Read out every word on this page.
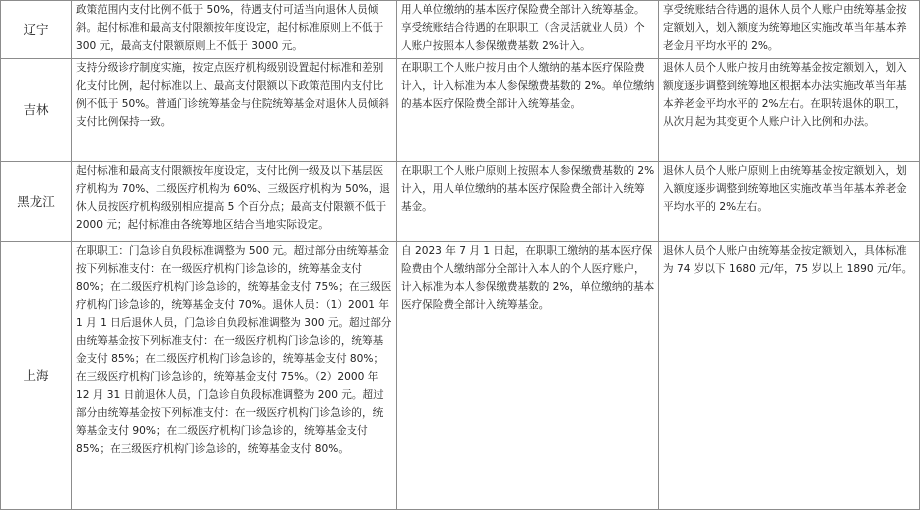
辽宁	政策范围内支付比例不低于 50%，待遇支付可适当向退休人员倾斜。起付标准和最高支付限额按年度设定，起付标准原则上不低于 300 元，最高支付限额原则上不低于 3000 元。	用人单位缴纳的基本医疗保险费全部计入统筹基金。享受统账结合待遇的在职职工（含灵活就业人员）个人账户按照本人参保缴费基数 2%计入。	享受统账结合待遇的退休人员个人账户由统筹基金按定额划入，划入额度为统筹地区实施改革当年基本养老金月平均水平的 2%。
吉林	支持分级诊疗制度实施，按定点医疗机构级别设置起付标准和差别化支付比例，起付标准以上、最高支付限额以下政策范围内支付比例不低于 50%。普通门诊统筹基金与住院统筹基金对退休人员倾斜支付比例保持一致。	在职职工个人账户按月由个人缴纳的基本医疗保险费计入，计入标准为本人参保缴费基数的 2%。单位缴纳的基本医疗保险费全部计入统筹基金。	退休人员个人账户按月由统筹基金按定额划入，划入额度逐步调整到统筹地区根据本办法实施改革当年基本养老金平均水平的 2%左右。在职转退休的职工，从次月起为其变更个人账户计入比例和办法。
黑龙江	起付标准和最高支付限额按年度设定，支付比例一级及以下基层医疗机构为 70%、二级医疗机构为 60%、三级医疗机构为 50%，退休人员按医疗机构级别相应提高 5 个百分点；最高支付限额不低于 2000 元；起付标准由各统筹地区结合当地实际设定。	在职职工个人账户原则上按照本人参保缴费基数的 2%计入，用人单位缴纳的基本医疗保险费全部计入统筹基金。	退休人员个人账户原则上由统筹基金按定额划入，划入额度逐步调整到统筹地区实施改革当年基本养老金平均水平的 2%左右。
上海	在职职工：门急诊自负段标准调整为 500 元。超过部分由统筹基金按下列标准支付：在一级医疗机构门诊急诊的，统筹基金支付 80%；在二级医疗机构门诊急诊的，统筹基金支付 75%；在三级医疗机构门诊急诊的，统筹基金支付 70%。退休人员：（1）2001 年 1 月 1 日后退休人员，门急诊自负段标准调整为 300 元。超过部分由统筹基金按下列标准支付：在一级医疗机构门诊急诊的，统筹基金支付 85%；在二级医疗机构门诊急诊的，统筹基金支付 80%；在三级医疗机构门诊急诊的，统筹基金支付 75%。（2）2000 年 12 月 31 日前退休人员，门急诊自负段标准调整为 200 元。超过部分由统筹基金按下列标准支付：在一级医疗机构门诊急诊的，统筹基金支付 90%；在二级医疗机构门诊急诊的，统筹基金支付 85%；在三级医疗机构门诊急诊的，统筹基金支付 80%。	自 2023 年 7 月 1 日起，在职职工缴纳的基本医疗保险费由个人缴纳部分全部计入本人的个人医疗账户，计入标准为本人参保缴费基数的 2%，单位缴纳的基本医疗保险费全部计入统筹基金。	退休人员个人账户由统筹基金按定额划入，具体标准为 74 岁以下 1680 元/年，75 岁以上 1890 元/年。
